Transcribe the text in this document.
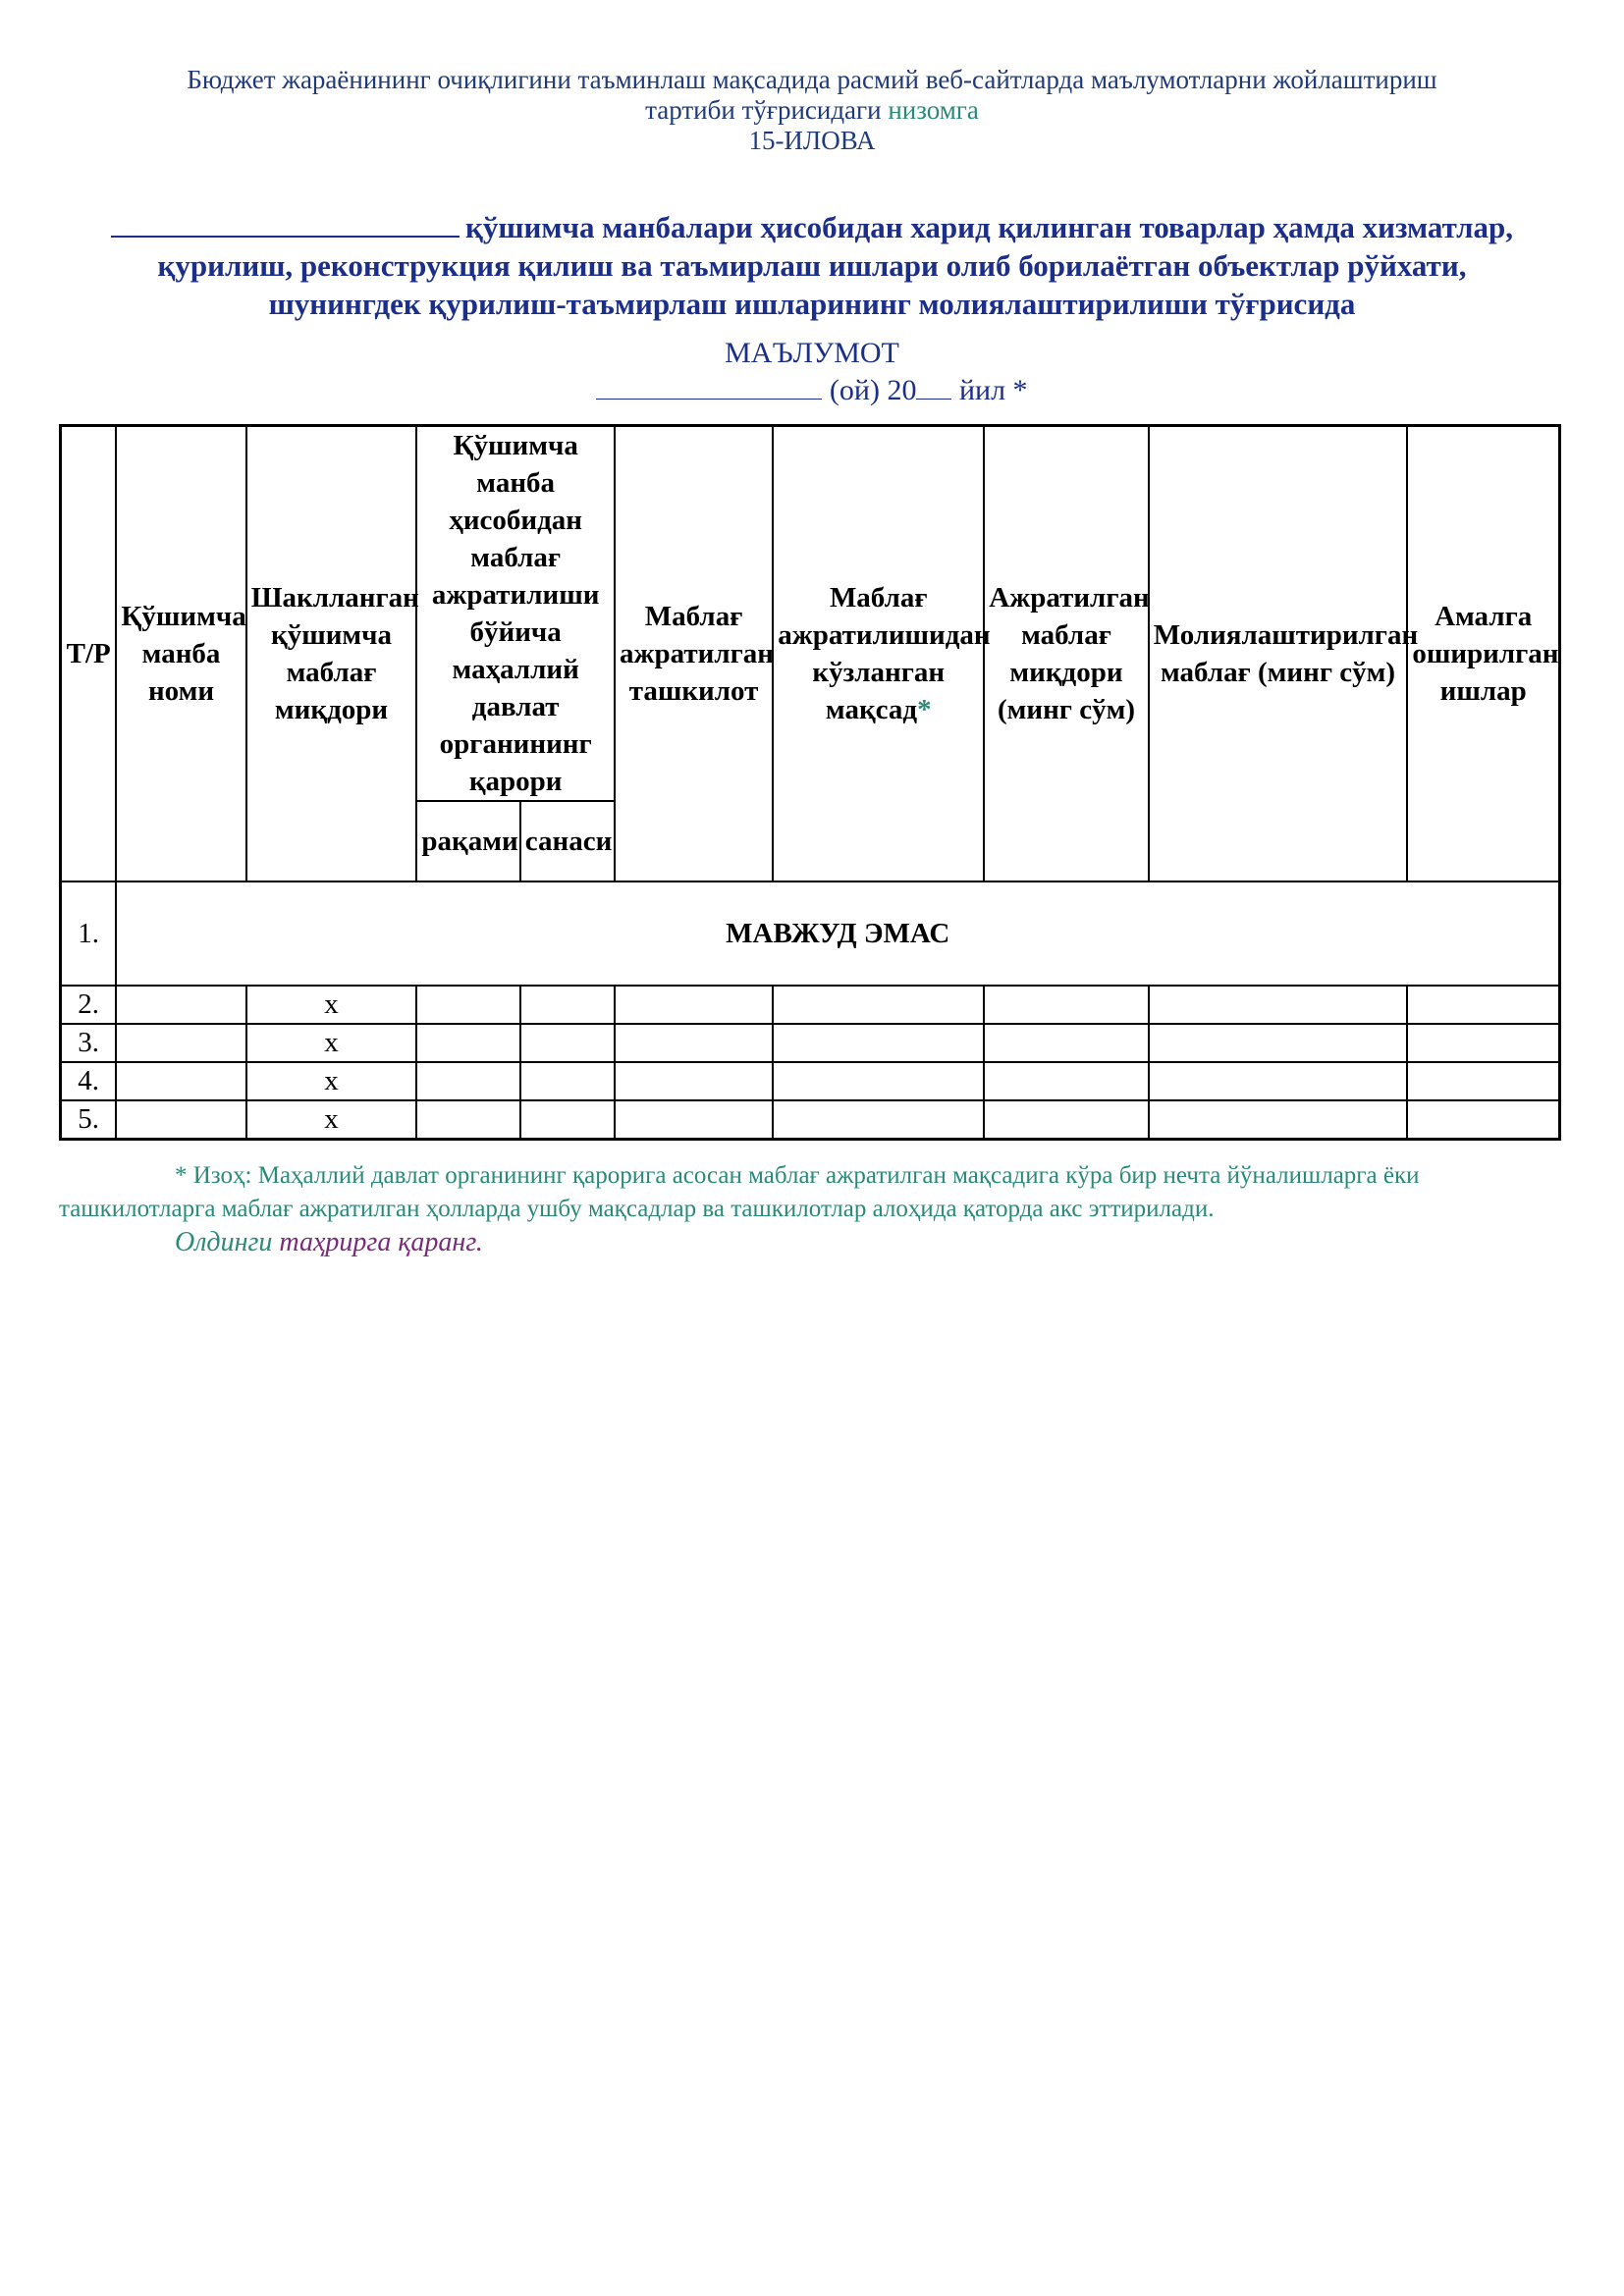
Бюджет жараёнининг очиқлигини таъминлаш мақсадида расмий веб-сайтларда маълумотларни жойлаштириш
тартиби тўғрисидаги низомга
15-ИЛОВА
қўшимча манбалари ҳисобидан харид қилинган товарлар ҳамда хизматлар,
қурилиш, реконструкция қилиш ва таъмирлаш ишлари олиб борилаётган объектлар рўйхати,
шунингдек қурилиш-таъмирлаш ишларининг молиялаштирилиши тўғрисида
МАЪЛУМОТ
(ой) 20 йил *
Т/Р	Қўшимча манба номи	Шаклланган қўшимча маблағ миқдори	Қўшимча манба ҳисобидан маблағ ажратилиши бўйича маҳаллий давлат органининг қарори		Маблағ ажратилган ташкилот	Маблағ ажратилишидан кўзланган мақсад*	Ажратилган маблағ миқдори (минг сўм)	Молиялаштирилган маблағ (минг сўм)	Амалга оширилган ишлар
			рақами	санаси					
1.	МАВЖУД ЭМАС								
2.		x							
3.		x							
4.		x							
5.		x							
* Изоҳ: Маҳаллий давлат органининг қарорига асосан маблағ ажратилган мақсадига кўра бир нечта йўналишларга ёки
ташкилотларга маблағ ажратилган ҳолларда ушбу мақсадлар ва ташкилотлар алоҳида қаторда акс эттирилади.
Олдинги таҳрирга қаранг.
